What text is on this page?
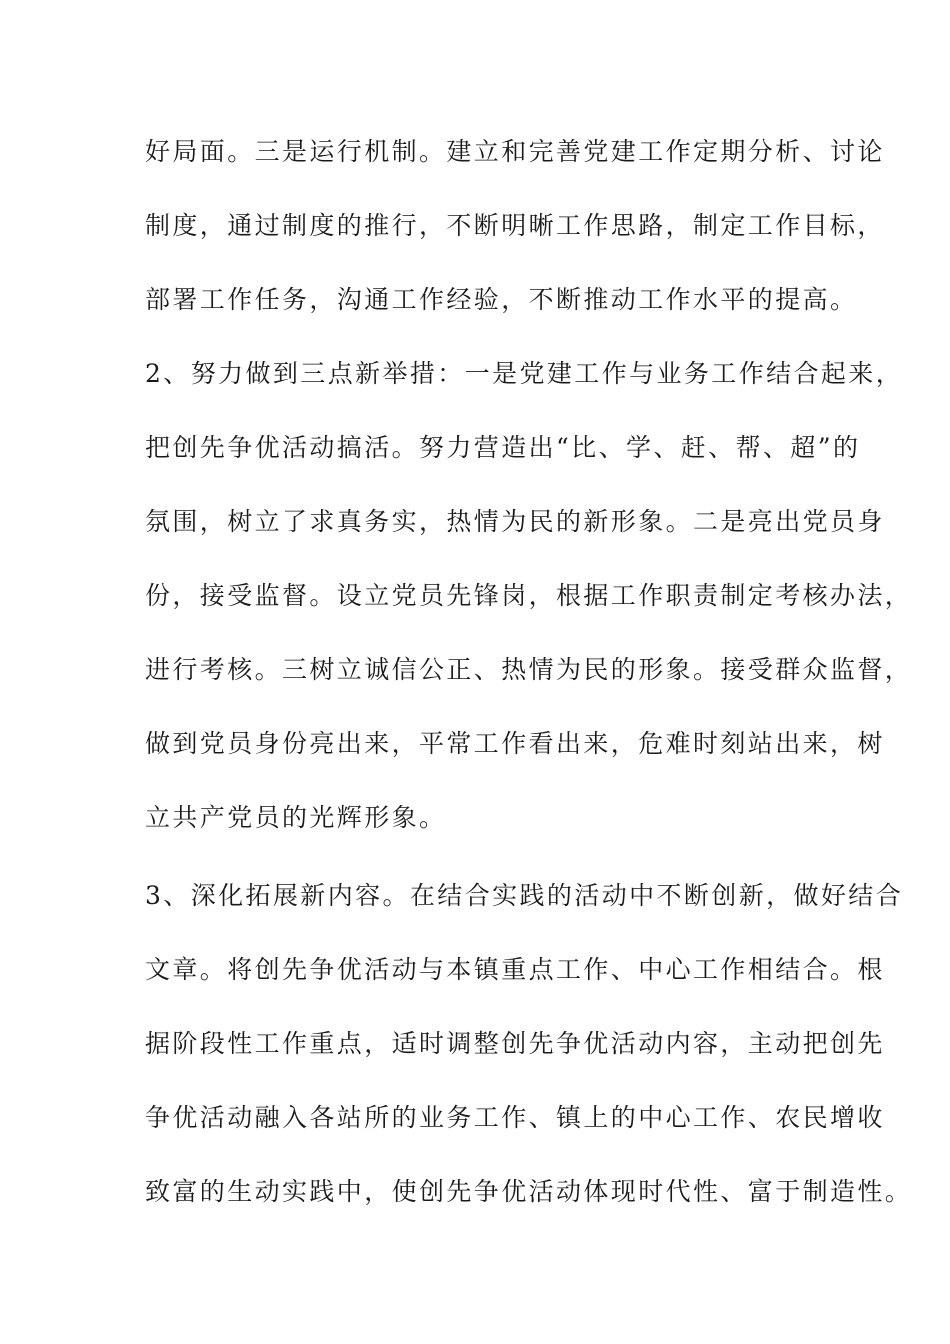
好局面。三是运行机制。建立和完善党建工作定期分析、讨论
制度，通过制度的推行，不断明晰工作思路，制定工作目标，
部署工作任务，沟通工作经验，不断推动工作水平的提高。
2、努力做到三点新举措：一是党建工作与业务工作结合起来，
把创先争优活动搞活。努力营造出“比、学、赶、帮、超”的
氛围，树立了求真务实，热情为民的新形象。二是亮出党员身
份，接受监督。设立党员先锋岗，根据工作职责制定考核办法，
进行考核。三树立诚信公正、热情为民的形象。接受群众监督，
做到党员身份亮出来，平常工作看出来，危难时刻站出来，树
立共产党员的光辉形象。
3、深化拓展新内容。在结合实践的活动中不断创新，做好结合
文章。将创先争优活动与本镇重点工作、中心工作相结合。根
据阶段性工作重点，适时调整创先争优活动内容，主动把创先
争优活动融入各站所的业务工作、镇上的中心工作、农民增收
致富的生动实践中，使创先争优活动体现时代性、富于制造性。
